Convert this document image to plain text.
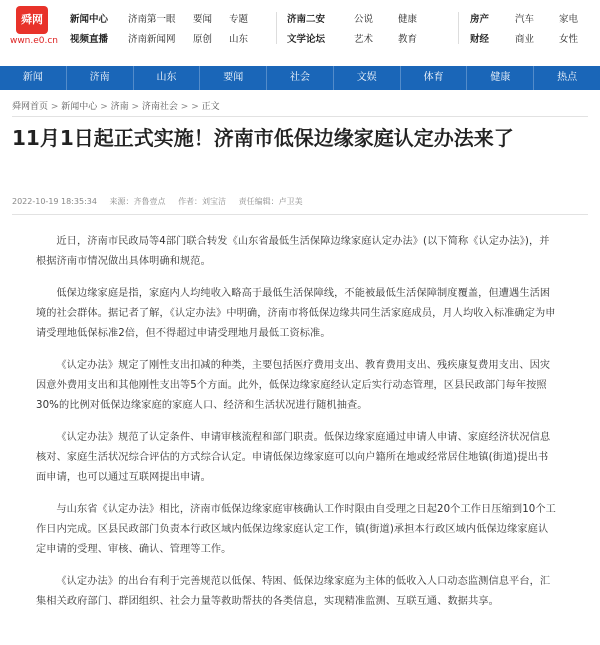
舜网
wwn.e0.cn
新闻中心
视频直播
济南第一眼
济南新闻网
要闻
原创
专题
山东
济南二安
文学论坛
公说
艺术
健康
教育
房产
财经
汽车
商业
家电
女性
新闻	济南	山东	要闻	社会	文娱	体育	健康	热点
舜网首页 > 新闻中心 > 济南 > 济南社会 > > 正文
11月1日起正式实施！济南市低保边缘家庭认定办法来了
2022-10-19 18:35:34 来源：齐鲁壹点 作者：刘宝洁 责任编辑：卢卫美

近日，济南市民政局等4部门联合转发《山东省最低生活保障边缘家庭认定办法》(以下简称《认定办法》)，并根据济南市情况做出具体明确和规范。

低保边缘家庭是指，家庭内人均纯收入略高于最低生活保障线，不能被最低生活保障制度覆盖，但遭遇生活困境的社会群体。据记者了解，《认定办法》中明确，济南市将低保边缘共同生活家庭成员，月人均收入标准确定为申请受理地低保标准2倍，但不得超过申请受理地月最低工资标准。

《认定办法》规定了刚性支出扣减的种类，主要包括医疗费用支出、教育费用支出、残疾康复费用支出、因灾因意外费用支出和其他刚性支出等5个方面。此外，低保边缘家庭经认定后实行动态管理，区县民政部门每年按照30%的比例对低保边缘家庭的家庭人口、经济和生活状况进行随机抽查。

《认定办法》规范了认定条件、申请审核流程和部门职责。低保边缘家庭通过申请人申请、家庭经济状况信息核对、家庭生活状况综合评估的方式综合认定。申请低保边缘家庭可以向户籍所在地或经常居住地镇(街道)提出书面申请，也可以通过互联网提出申请。

与山东省《认定办法》相比，济南市低保边缘家庭审核确认工作时限由自受理之日起20个工作日压缩到10个工作日内完成。区县民政部门负责本行政区域内低保边缘家庭认定工作，镇(街道)承担本行政区域内低保边缘家庭认定申请的受理、审核、确认、管理等工作。

《认定办法》的出台有利于完善规范以低保、特困、低保边缘家庭为主体的低收入人口动态监测信息平台，汇集相关政府部门、群团组织、社会力量等救助帮扶的各类信息，实现精准监测、互联互通、数据共享。
